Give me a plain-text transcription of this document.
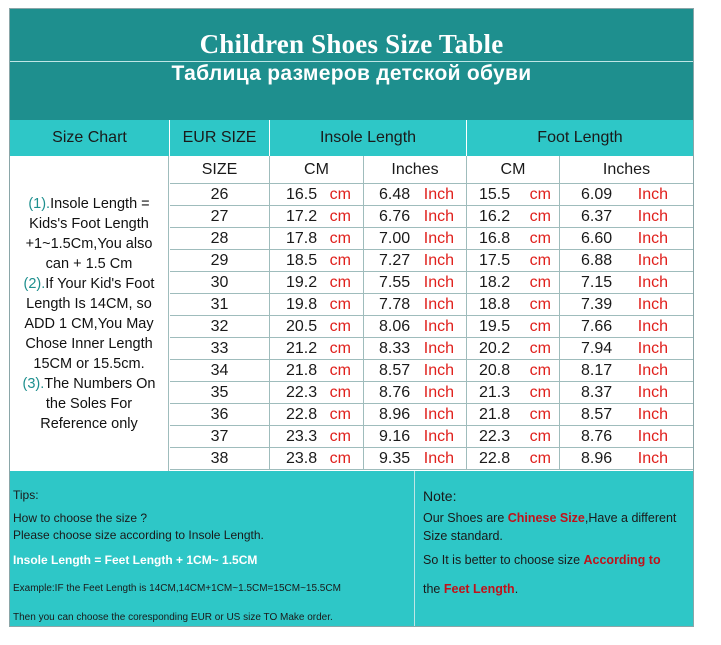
Children Shoes Size Table
Таблица размеров детской обуви
Size Chart	EUR SIZE	Insole Length	Foot Length
(1).Insole Length = Kids's Foot Length +1~1.5Cm,You also can + 1.5 Cm
(2).If Your Kid's Foot Length Is 14CM, so ADD 1 CM,You May Chose Inner Length 15CM or 15.5cm.
(3).The Numbers On the Soles For Reference only
SIZE	CM	Inches	CM	Inches
26	16.5 cm	6.48 Inch	15.5 cm	6.09 Inch
27	17.2 cm	6.76 Inch	16.2 cm	6.37 Inch
28	17.8 cm	7.00 Inch	16.8 cm	6.60 Inch
29	18.5 cm	7.27 Inch	17.5 cm	6.88 Inch
30	19.2 cm	7.55 Inch	18.2 cm	7.15 Inch
31	19.8 cm	7.78 Inch	18.8 cm	7.39 Inch
32	20.5 cm	8.06 Inch	19.5 cm	7.66 Inch
33	21.2 cm	8.33 Inch	20.2 cm	7.94 Inch
34	21.8 cm	8.57 Inch	20.8 cm	8.17 Inch
35	22.3 cm	8.76 Inch	21.3 cm	8.37 Inch
36	22.8 cm	8.96 Inch	21.8 cm	8.57 Inch
37	23.3 cm	9.16 Inch	22.3 cm	8.76 Inch
38	23.8 cm	9.35 Inch	22.8 cm	8.96 Inch
Tips:
How to choose the size ?
Please choose size according to Insole Length.
Insole Length = Feet Length + 1CM~ 1.5CM
Example:IF the Feet Length is 14CM,14CM+1CM~1.5CM=15CM~15.5CM
Then you can choose the coresponding EUR or US size TO Make order.
Note:
Our Shoes are Chinese Size,Have a different
Size standard.
So It is better to choose size According to
the Feet Length.
